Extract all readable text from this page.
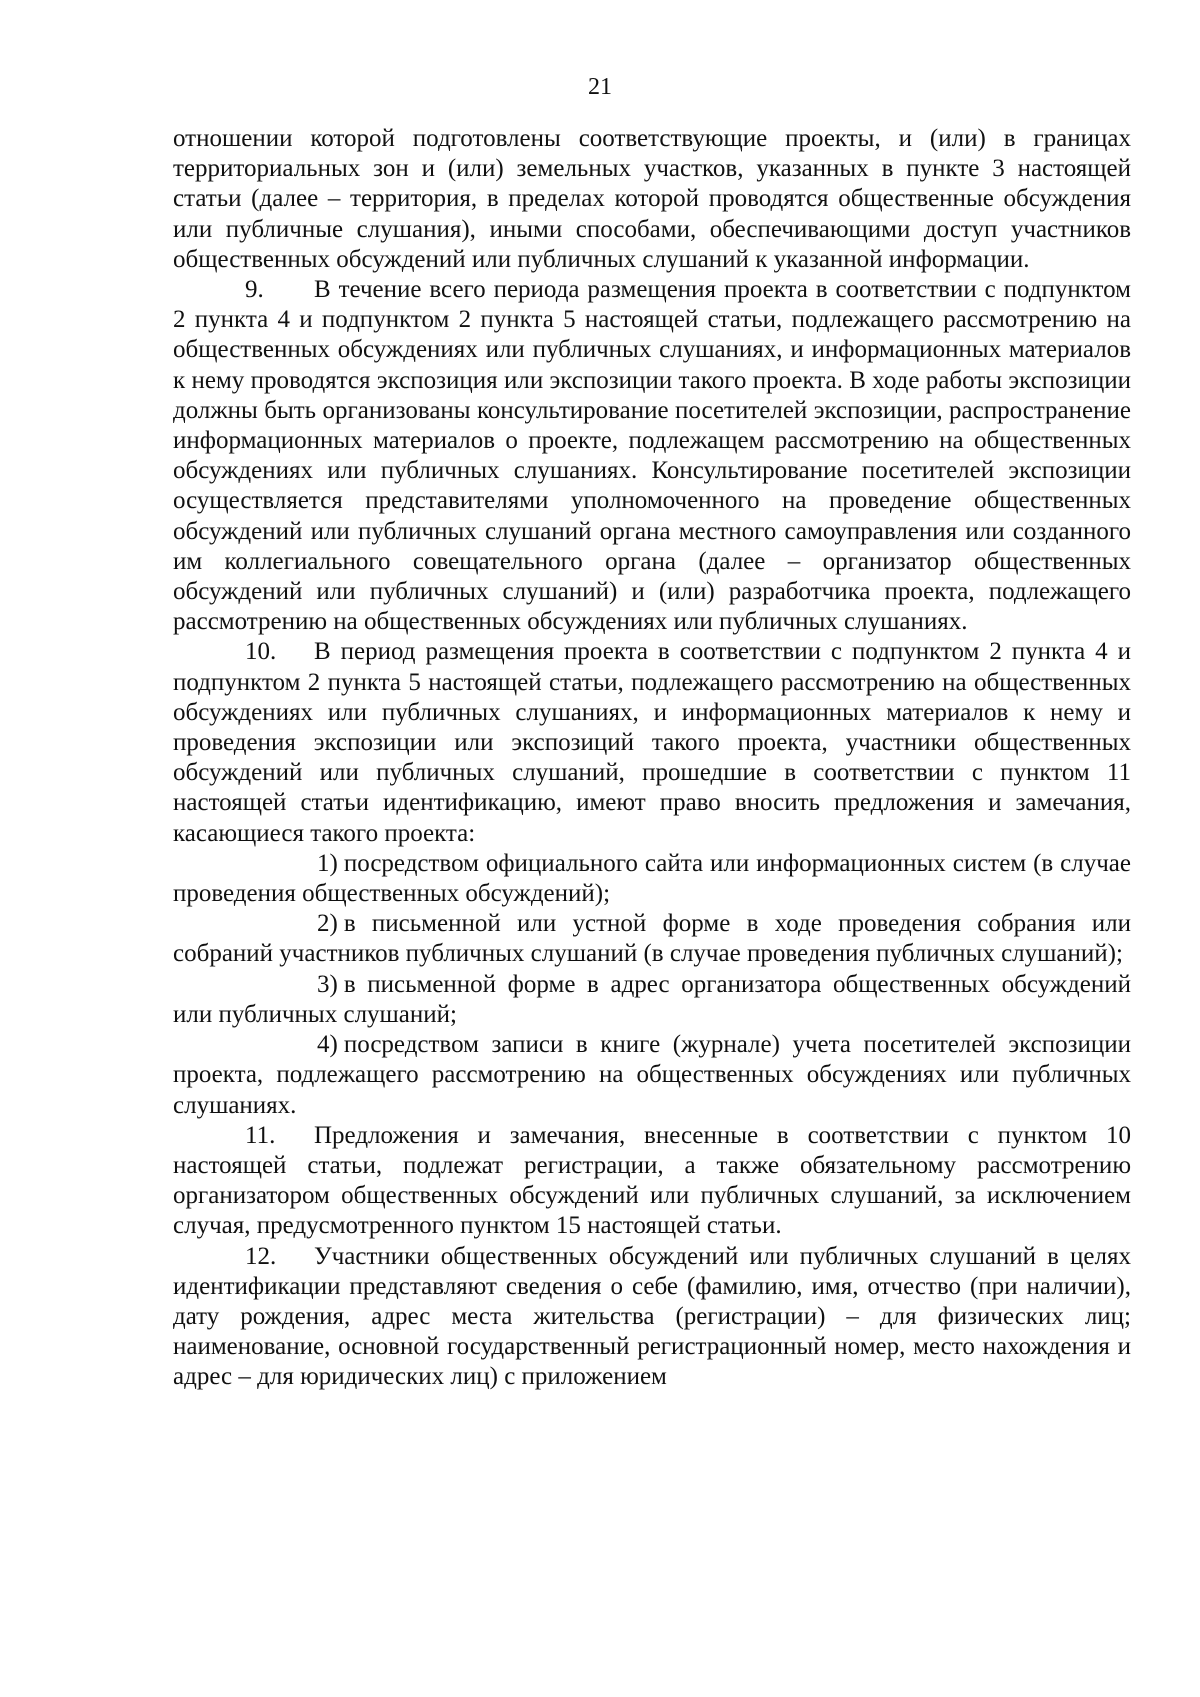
21

отношении которой подготовлены соответствующие проекты, и (или) в границах территориальных зон и (или) земельных участков, указанных в пункте 3 настоящей статьи (далее – территория, в пределах которой проводятся общественные обсуждения или публичные слушания), иными способами, обеспечивающими доступ участников общественных обсуждений или публичных слушаний к указанной информации.

9. В течение всего периода размещения проекта в соответствии с подпунктом 2 пункта 4 и подпунктом 2 пункта 5 настоящей статьи, подлежащего рассмотрению на общественных обсуждениях или публичных слушаниях, и информационных материалов к нему проводятся экспозиция или экспозиции такого проекта. В ходе работы экспозиции должны быть организованы консультирование посетителей экспозиции, распространение информационных материалов о проекте, подлежащем рассмотрению на общественных обсуждениях или публичных слушаниях. Консультирование посетителей экспозиции осуществляется представителями уполномоченного на проведение общественных обсуждений или публичных слушаний органа местного самоуправления или созданного им коллегиального совещательного органа (далее – организатор общественных обсуждений или публичных слушаний) и (или) разработчика проекта, подлежащего рассмотрению на общественных обсуждениях или публичных слушаниях.

10. В период размещения проекта в соответствии с подпунктом 2 пункта 4 и подпунктом 2 пункта 5 настоящей статьи, подлежащего рассмотрению на общественных обсуждениях или публичных слушаниях, и информационных материалов к нему и проведения экспозиции или экспозиций такого проекта, участники общественных обсуждений или публичных слушаний, прошедшие в соответствии с пунктом 11 настоящей статьи идентификацию, имеют право вносить предложения и замечания, касающиеся такого проекта:

1) посредством официального сайта или информационных систем (в случае проведения общественных обсуждений);

2) в письменной или устной форме в ходе проведения собрания или собраний участников публичных слушаний (в случае проведения публичных слушаний);

3) в письменной форме в адрес организатора общественных обсуждений или публичных слушаний;

4) посредством записи в книге (журнале) учета посетителей экспозиции проекта, подлежащего рассмотрению на общественных обсуждениях или публичных слушаниях.

11. Предложения и замечания, внесенные в соответствии с пунктом 10 настоящей статьи, подлежат регистрации, а также обязательному рассмотрению организатором общественных обсуждений или публичных слушаний, за исключением случая, предусмотренного пунктом 15 настоящей статьи.

12. Участники общественных обсуждений или публичных слушаний в целях идентификации представляют сведения о себе (фамилию, имя, отчество (при наличии), дату рождения, адрес места жительства (регистрации) – для физических лиц; наименование, основной государственный регистрационный номер, место нахождения и адрес – для юридических лиц) с приложением
